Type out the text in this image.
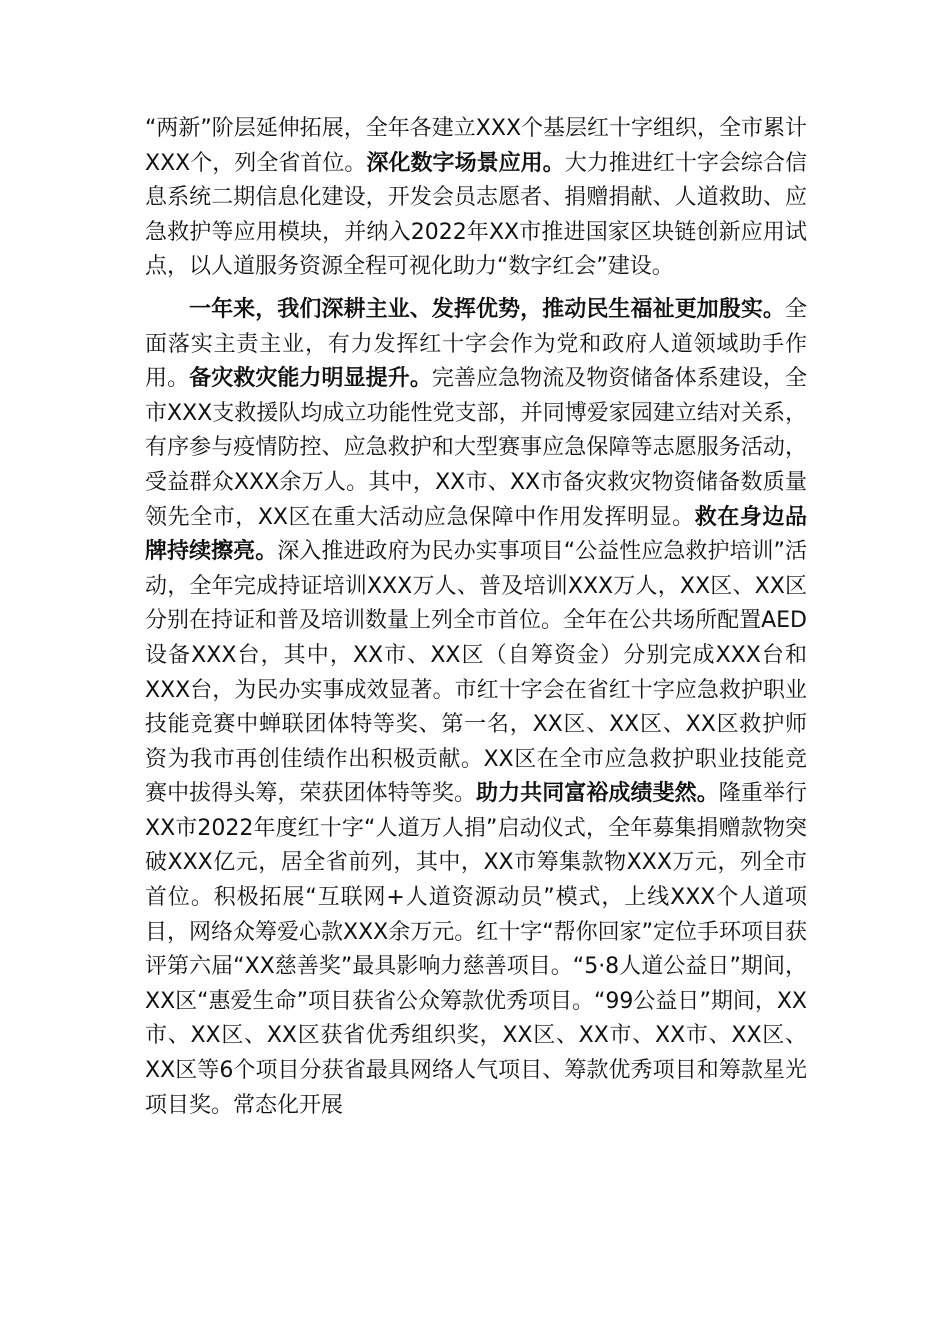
“两新”阶层延伸拓展，全年各建立XXX个基层红十字组织，全市累计XXX个，列全省首位。深化数字场景应用。大力推进红十字会综合信息系统二期信息化建设，开发会员志愿者、捐赠捐献、人道救助、应急救护等应用模块，并纳入2022年XX市推进国家区块链创新应用试点，以人道服务资源全程可视化助力“数字红会”建设。

一年来，我们深耕主业、发挥优势，推动民生福祉更加殷实。全面落实主责主业，有力发挥红十字会作为党和政府人道领域助手作用。备灾救灾能力明显提升。完善应急物流及物资储备体系建设，全市XXX支救援队均成立功能性党支部，并同博爱家园建立结对关系，有序参与疫情防控、应急救护和大型赛事应急保障等志愿服务活动，受益群众XXX余万人。其中，XX市、XX市备灾救灾物资储备数质量领先全市，XX区在重大活动应急保障中作用发挥明显。救在身边品牌持续擦亮。深入推进政府为民办实事项目“公益性应急救护培训”活动，全年完成持证培训XXX万人、普及培训XXX万人，XX区、XX区分别在持证和普及培训数量上列全市首位。全年在公共场所配置AED设备XXX台，其中，XX市、XX区（自筹资金）分别完成XXX台和XXX台，为民办实事成效显著。市红十字会在省红十字应急救护职业技能竞赛中蝉联团体特等奖、第一名，XX区、XX区、XX区救护师资为我市再创佳绩作出积极贡献。XX区在全市应急救护职业技能竞赛中拔得头筹，荣获团体特等奖。助力共同富裕成绩斐然。隆重举行XX市2022年度红十字“人道万人捐”启动仪式，全年募集捐赠款物突破XXX亿元，居全省前列，其中，XX市筹集款物XXX万元，列全市首位。积极拓展“互联网+人道资源动员”模式，上线XXX个人道项目，网络众筹爱心款XXX余万元。红十字“帮你回家”定位手环项目获评第六届“XX慈善奖”最具影响力慈善项目。“5·8人道公益日”期间，XX区“惠爱生命”项目获省公众筹款优秀项目。“99公益日”期间，XX市、XX区、XX区获省优秀组织奖，XX区、XX市、XX市、XX区、XX区等6个项目分获省最具网络人气项目、筹款优秀项目和筹款星光项目奖。常态化开展
